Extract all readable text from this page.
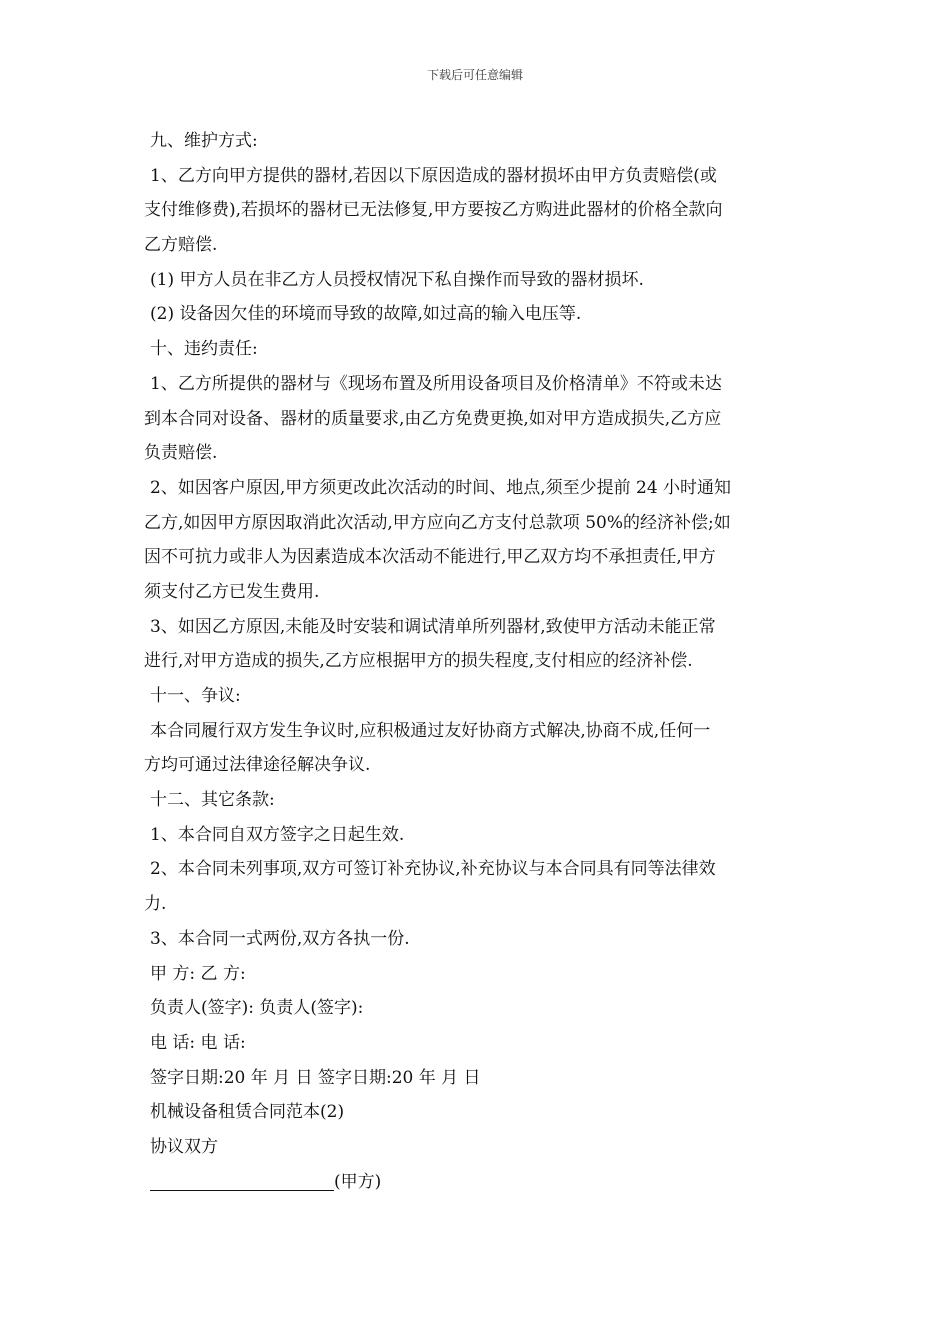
下载后可任意编辑
九、维护方式:
1、乙方向甲方提供的器材,若因以下原因造成的器材损坏由甲方负责赔偿(或
支付维修费),若损坏的器材已无法修复,甲方要按乙方购进此器材的价格全款向
乙方赔偿.
(1) 甲方人员在非乙方人员授权情况下私自操作而导致的器材损坏.
(2) 设备因欠佳的环境而导致的故障,如过高的输入电压等.
十、违约责任:
1、乙方所提供的器材与《现场布置及所用设备项目及价格清单》不符或未达
到本合同对设备、器材的质量要求,由乙方免费更换,如对甲方造成损失,乙方应
负责赔偿.
2、如因客户原因,甲方须更改此次活动的时间、地点,须至少提前 24 小时通知
乙方,如因甲方原因取消此次活动,甲方应向乙方支付总款项 50%的经济补偿;如
因不可抗力或非人为因素造成本次活动不能进行,甲乙双方均不承担责任,甲方
须支付乙方已发生费用.
3、如因乙方原因,未能及时安装和调试清单所列器材,致使甲方活动未能正常
进行,对甲方造成的损失,乙方应根据甲方的损失程度,支付相应的经济补偿.
十一、争议:
本合同履行双方发生争议时,应积极通过友好协商方式解决,协商不成,任何一
方均可通过法律途径解决争议.
十二、其它条款:
1、本合同自双方签字之日起生效.
2、本合同未列事项,双方可签订补充协议,补充协议与本合同具有同等法律效
力.
3、本合同一式两份,双方各执一份.
甲 方: 乙 方:
负责人(签字): 负责人(签字):
电 话: 电 话:
签字日期:20 年 月 日 签字日期:20 年 月 日
机械设备租赁合同范本(2)
协议双方
(甲方)
